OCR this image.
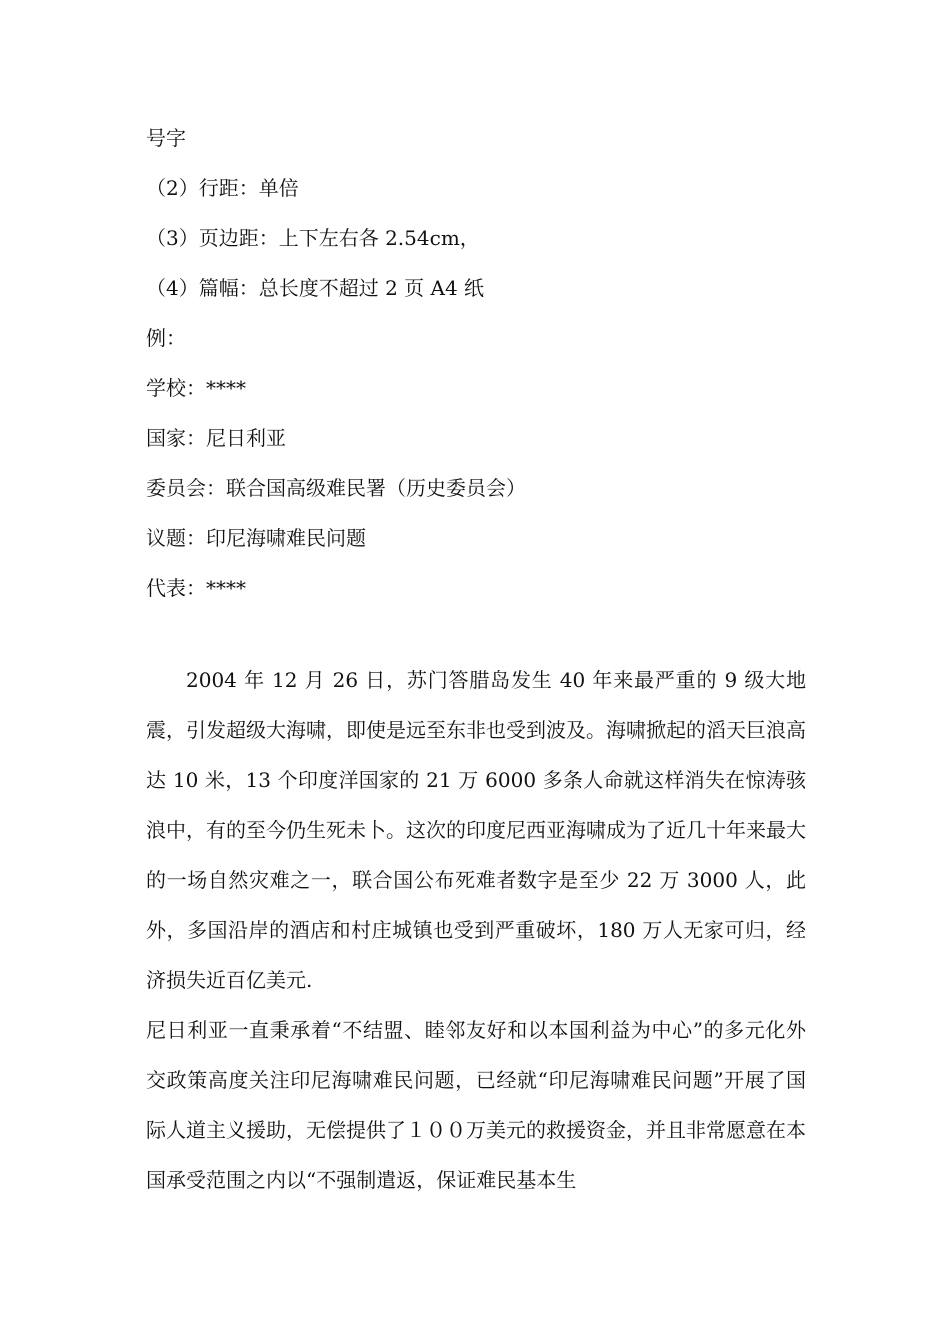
号字
（2）行距：单倍
（3）页边距：上下左右各 2.54cm，
（4）篇幅：总长度不超过 2 页 A4 纸
例：
学校：****
国家：尼日利亚
委员会：联合国高级难民署（历史委员会）
议题：印尼海啸难民问题
代表：****

2004 年 12 月 26 日，苏门答腊岛发生 40 年来最严重的 9 级大地震，引发超级大海啸，即使是远至东非也受到波及。海啸掀起的滔天巨浪高达 10 米，13 个印度洋国家的 21 万 6000 多条人命就这样消失在惊涛骇浪中，有的至今仍生死未卜。这次的印度尼西亚海啸成为了近几十年来最大的一场自然灾难之一，联合国公布死难者数字是至少 22 万 3000 人，此外，多国沿岸的酒店和村庄城镇也受到严重破坏，180 万人无家可归，经济损失近百亿美元.

尼日利亚一直秉承着“不结盟、睦邻友好和以本国利益为中心”的多元化外交政策高度关注印尼海啸难民问题，已经就“印尼海啸难民问题”开展了国际人道主义援助，无偿提供了１００万美元的救援资金，并且非常愿意在本国承受范围之内以“不强制遣返，保证难民基本生
